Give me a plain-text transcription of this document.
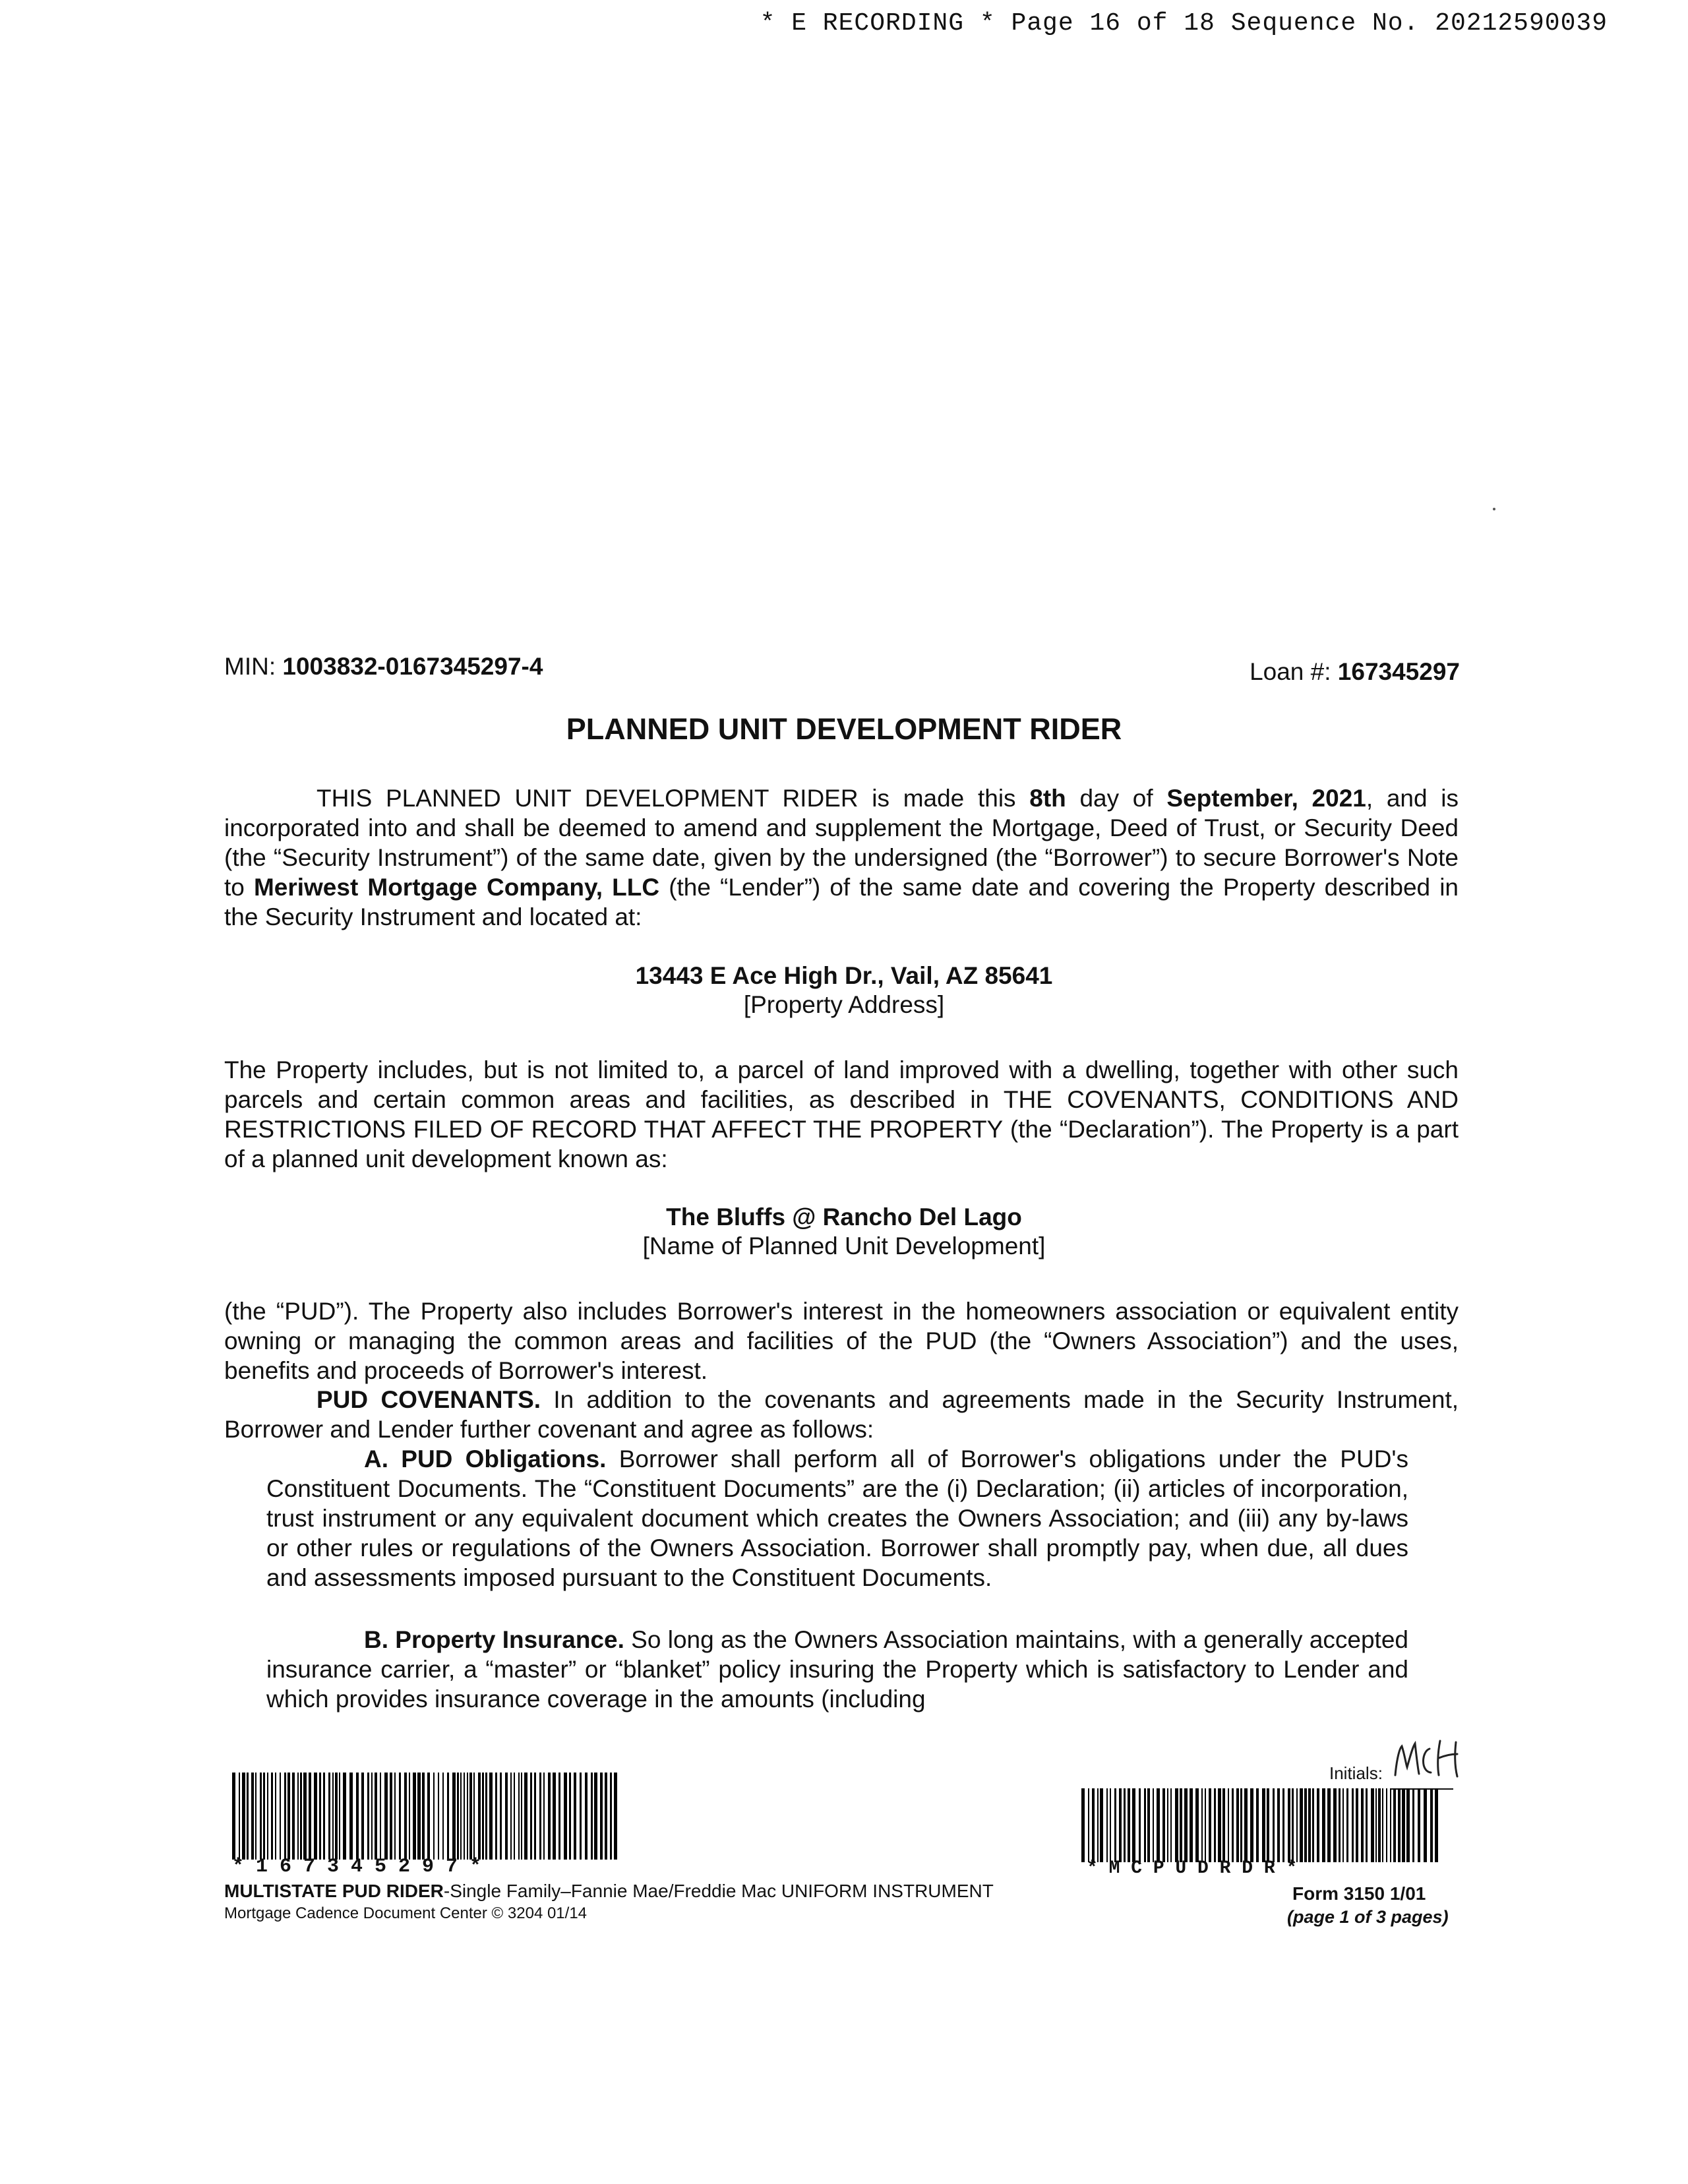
* E RECORDING * Page 16 of 18 Sequence No. 20212590039
MIN: 1003832-0167345297-4	Loan #: 167345297
PLANNED UNIT DEVELOPMENT RIDER
THIS PLANNED UNIT DEVELOPMENT RIDER is made this 8th day of September, 2021, and is incorporated into and shall be deemed to amend and supplement the Mortgage, Deed of Trust, or Security Deed (the “Security Instrument”) of the same date, given by the undersigned (the “Borrower”) to secure Borrower's Note to Meriwest Mortgage Company, LLC (the “Lender”) of the same date and covering the Property described in the Security Instrument and located at:
13443 E Ace High Dr., Vail, AZ 85641
[Property Address]
The Property includes, but is not limited to, a parcel of land improved with a dwelling, together with other such parcels and certain common areas and facilities, as described in THE COVENANTS, CONDITIONS AND RESTRICTIONS FILED OF RECORD THAT AFFECT THE PROPERTY (the “Declaration”). The Property is a part of a planned unit development known as:
The Bluffs @ Rancho Del Lago
[Name of Planned Unit Development]
(the “PUD”). The Property also includes Borrower's interest in the homeowners association or equivalent entity owning or managing the common areas and facilities of the PUD (the “Owners Association”) and the uses, benefits and proceeds of Borrower's interest.
PUD COVENANTS. In addition to the covenants and agreements made in the Security Instrument, Borrower and Lender further covenant and agree as follows:
A. PUD Obligations. Borrower shall perform all of Borrower's obligations under the PUD's Constituent Documents. The “Constituent Documents” are the (i) Declaration; (ii) articles of incorporation, trust instrument or any equivalent document which creates the Owners Association; and (iii) any by-laws or other rules or regulations of the Owners Association. Borrower shall promptly pay, when due, all dues and assessments imposed pursuant to the Constituent Documents.
B. Property Insurance. So long as the Owners Association maintains, with a generally accepted insurance carrier, a “master” or “blanket” policy insuring the Property which is satisfactory to Lender and which provides insurance coverage in the amounts (including
* 1 6 7 3 4 5 2 9 7 *
MULTISTATE PUD RIDER-Single Family–Fannie Mae/Freddie Mac UNIFORM INSTRUMENT
Mortgage Cadence Document Center © 3204 01/14
Initials:
* M C P U D R D R *
Form 3150 1/01
(page 1 of 3 pages)
